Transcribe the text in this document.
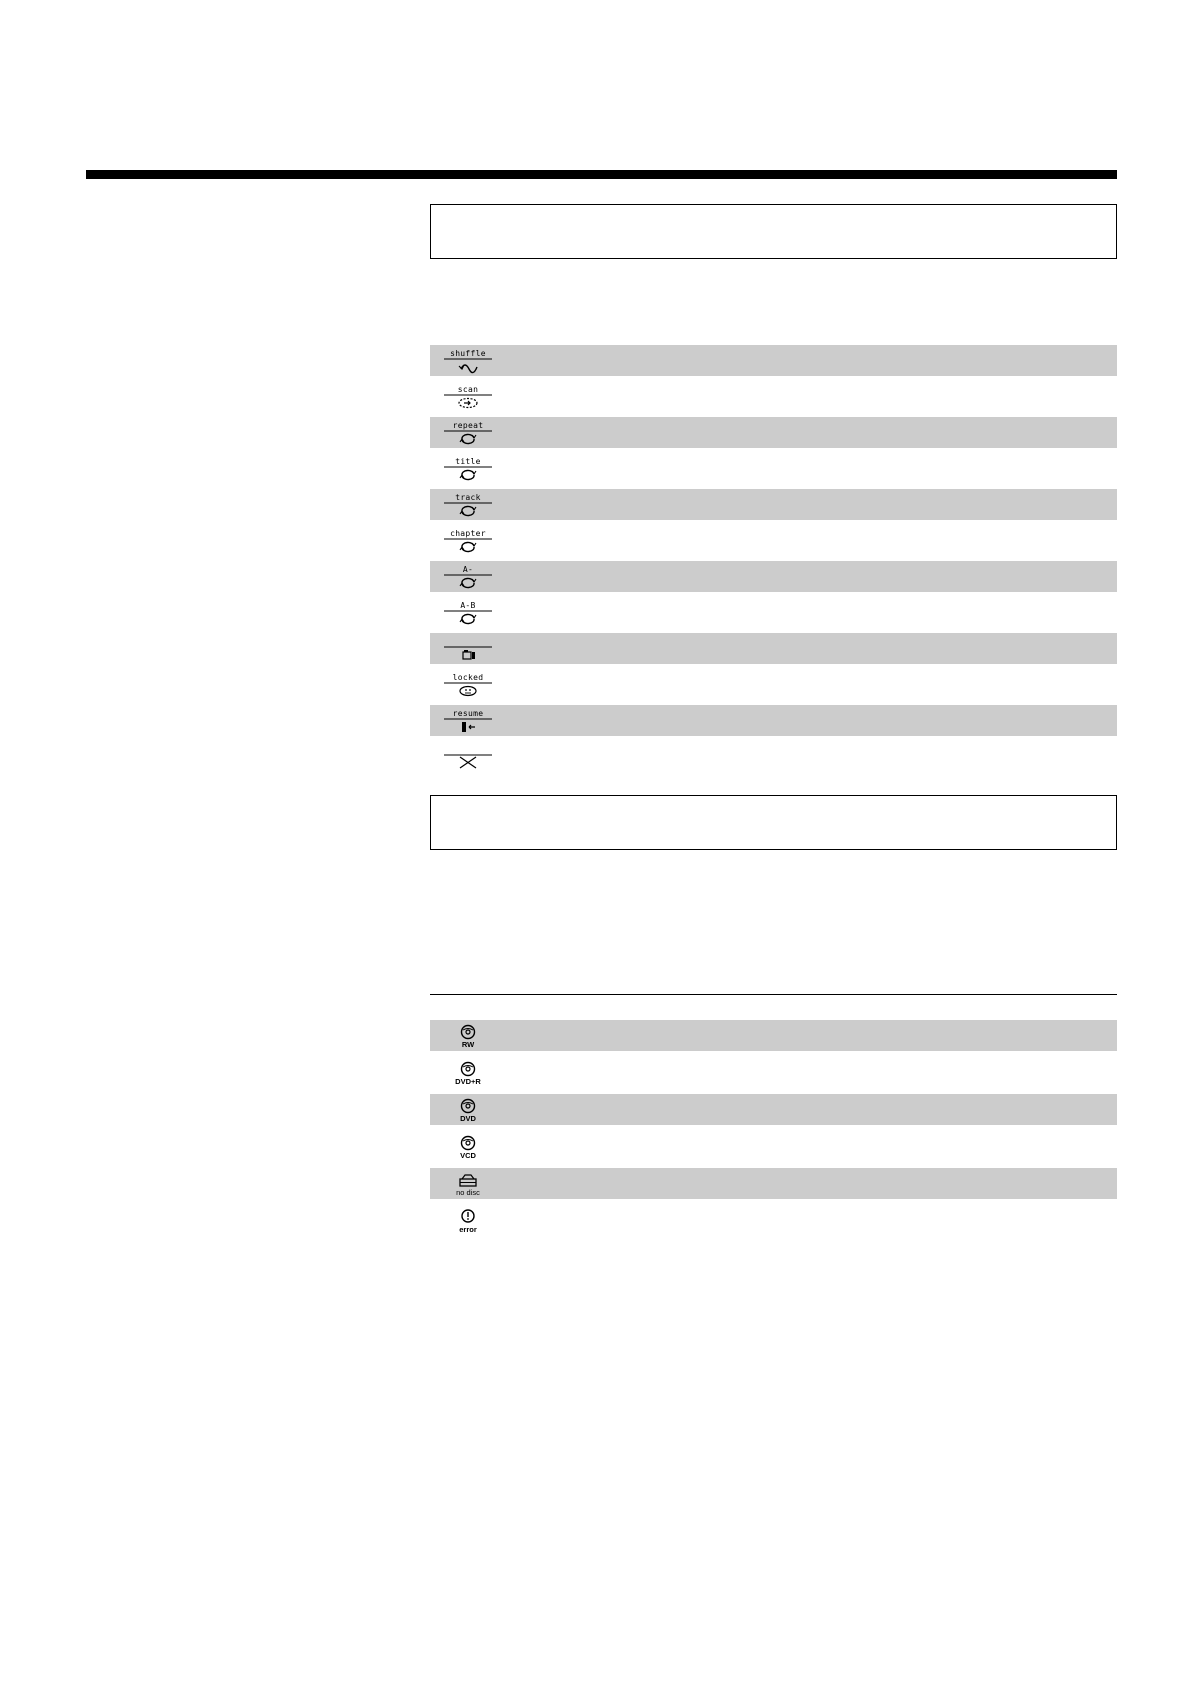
shuffle
scan
repeat
title
track
chapter
A-
A-B
locked
resume
RW
DVD+R
DVD
VCD
no disc
error
